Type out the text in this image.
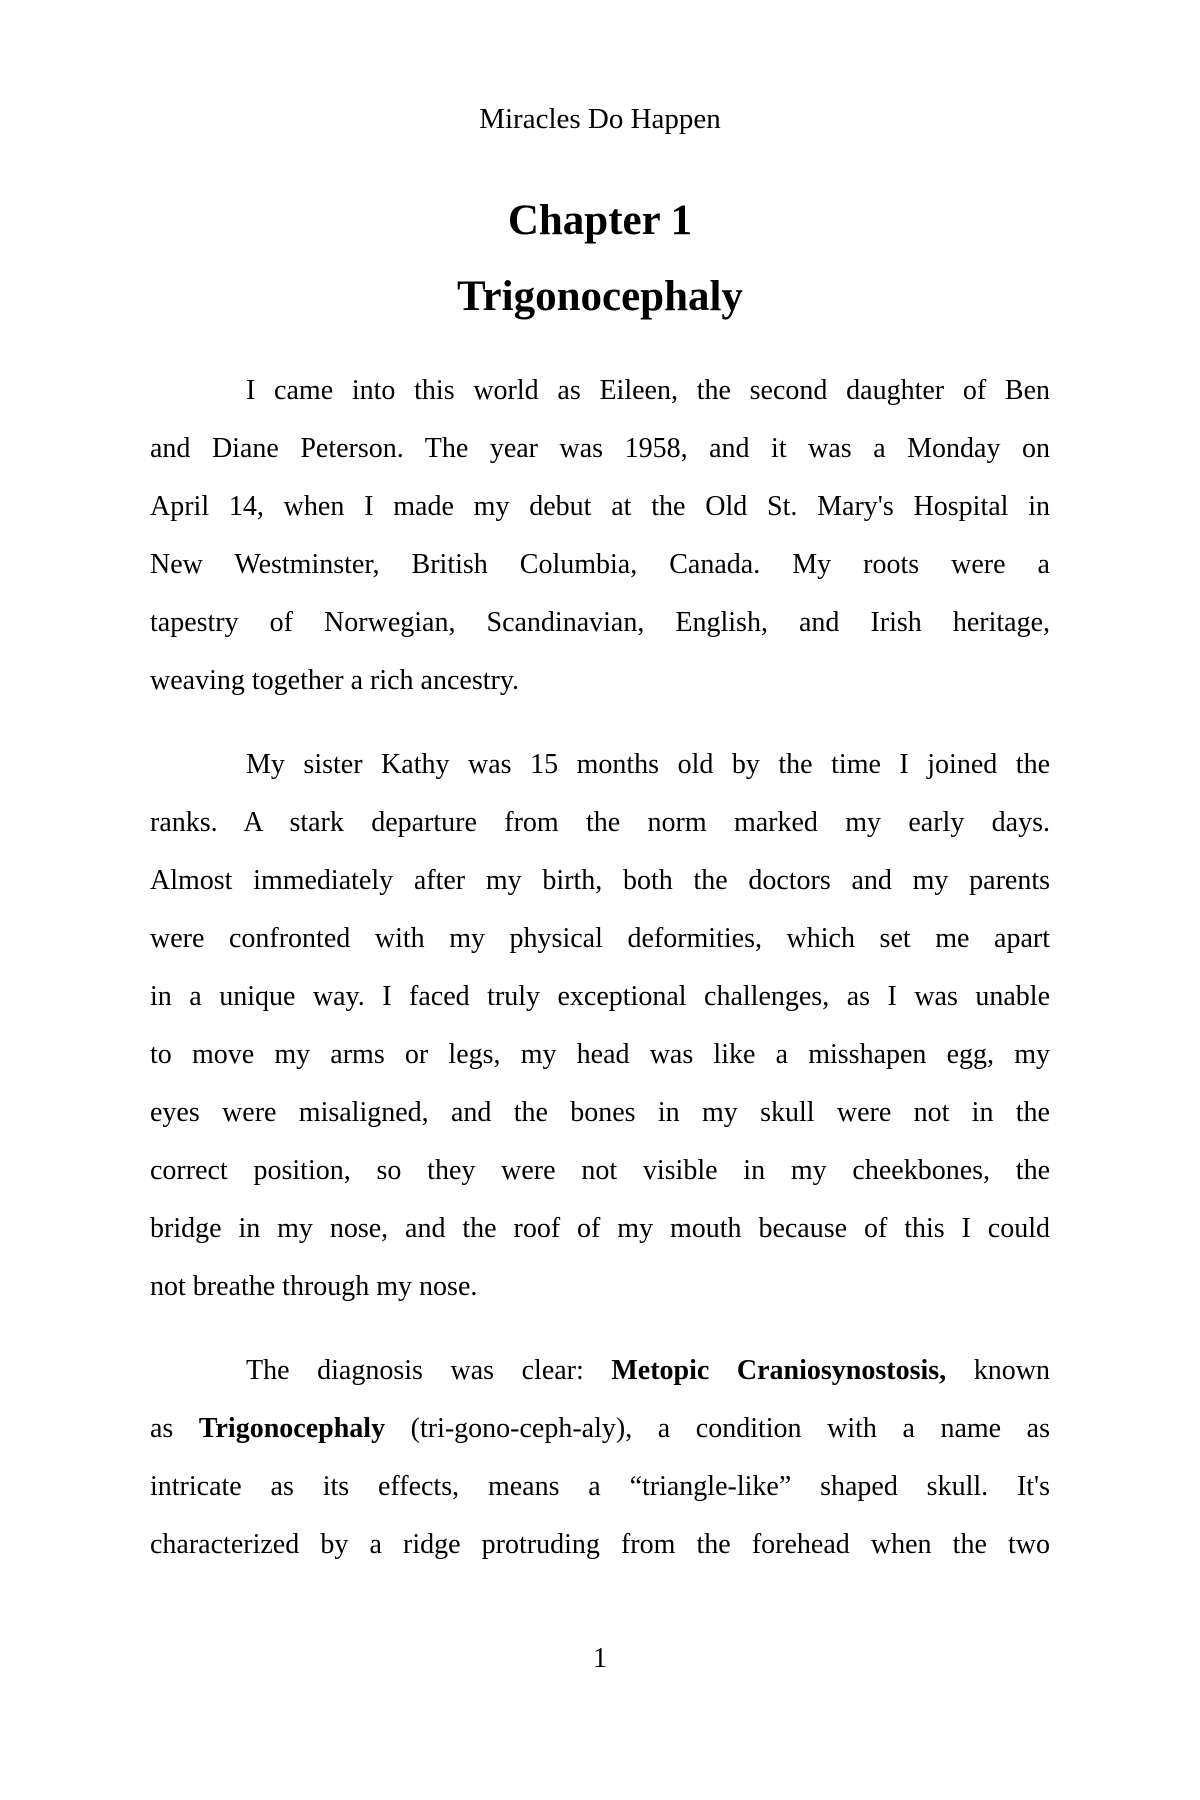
Miracles Do Happen
Chapter 1
Trigonocephaly
I came into this world as Eileen, the second daughter of Ben
and Diane Peterson. The year was 1958, and it was a Monday on
April 14, when I made my debut at the Old St. Mary's Hospital in
New Westminster, British Columbia, Canada. My roots were a
tapestry of Norwegian, Scandinavian, English, and Irish heritage,
weaving together a rich ancestry.
My sister Kathy was 15 months old by the time I joined the
ranks. A stark departure from the norm marked my early days.
Almost immediately after my birth, both the doctors and my parents
were confronted with my physical deformities, which set me apart
in a unique way. I faced truly exceptional challenges, as I was unable
to move my arms or legs, my head was like a misshapen egg, my
eyes were misaligned, and the bones in my skull were not in the
correct position, so they were not visible in my cheekbones, the
bridge in my nose, and the roof of my mouth because of this I could
not breathe through my nose.
The diagnosis was clear: Metopic Craniosynostosis, known
as Trigonocephaly (tri-gono-ceph-aly), a condition with a name as
intricate as its effects, means a “triangle-like” shaped skull. It's
characterized by a ridge protruding from the forehead when the two
1
